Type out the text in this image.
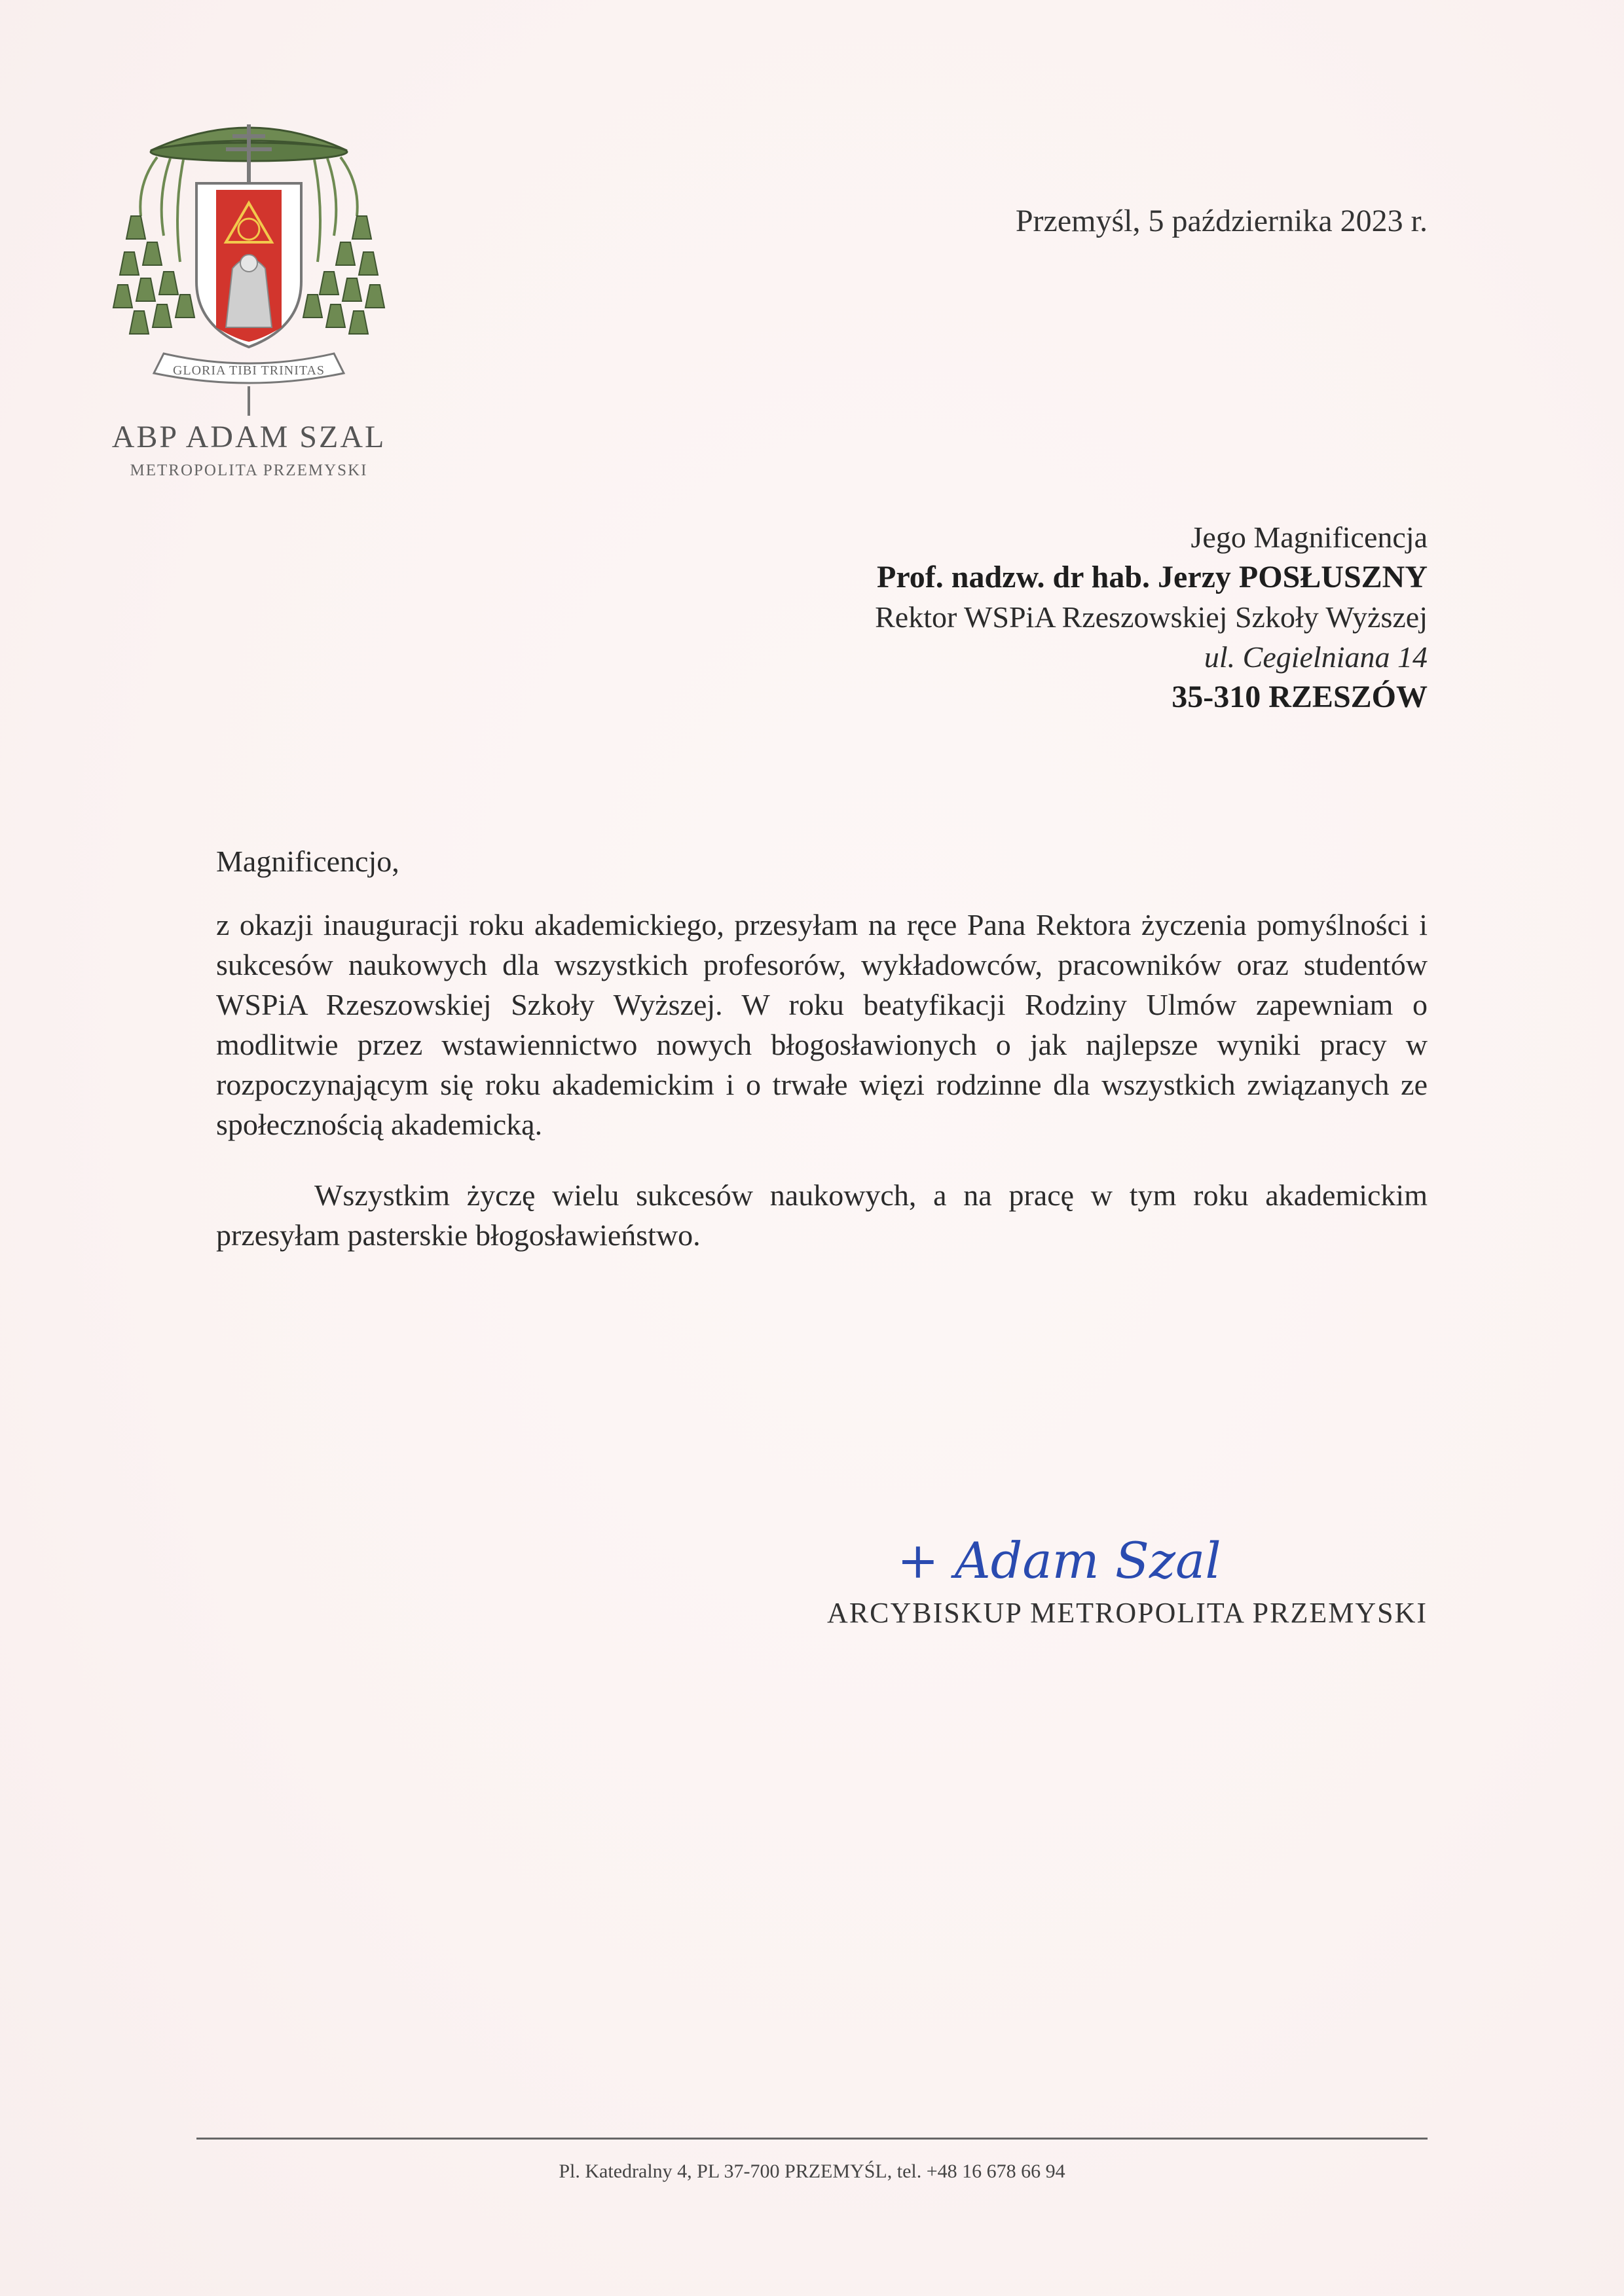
GLORIA TIBI TRINITAS
ABP ADAM SZAL
METROPOLITA PRZEMYSKI
Przemyśl, 5 października 2023 r.
Jego Magnificencja
Prof. nadzw. dr hab. Jerzy POSŁUSZNY
Rektor WSPiA Rzeszowskiej Szkoły Wyższej
ul. Cegielniana 14
35-310 RZESZÓW
Magnificencjo,
z okazji inauguracji roku akademickiego, przesyłam na ręce Pana Rektora życzenia pomyślności i sukcesów naukowych dla wszystkich profesorów, wykładowców, pracowników oraz studentów WSPiA Rzeszowskiej Szkoły Wyższej. W roku beatyfikacji Rodziny Ulmów zapewniam o modlitwie przez wstawiennictwo nowych błogosławionych o jak najlepsze wyniki pracy w rozpoczynającym się roku akademickim i o trwałe więzi rodzinne dla wszystkich związanych ze społecznością akademicką.
Wszystkim życzę wielu sukcesów naukowych, a na pracę w tym roku akademickim przesyłam pasterskie błogosławieństwo.
+ Adam Szal
ARCYBISKUP METROPOLITA PRZEMYSKI
Pl. Katedralny 4, PL 37-700 PRZEMYŚL, tel. +48 16 678 66 94
